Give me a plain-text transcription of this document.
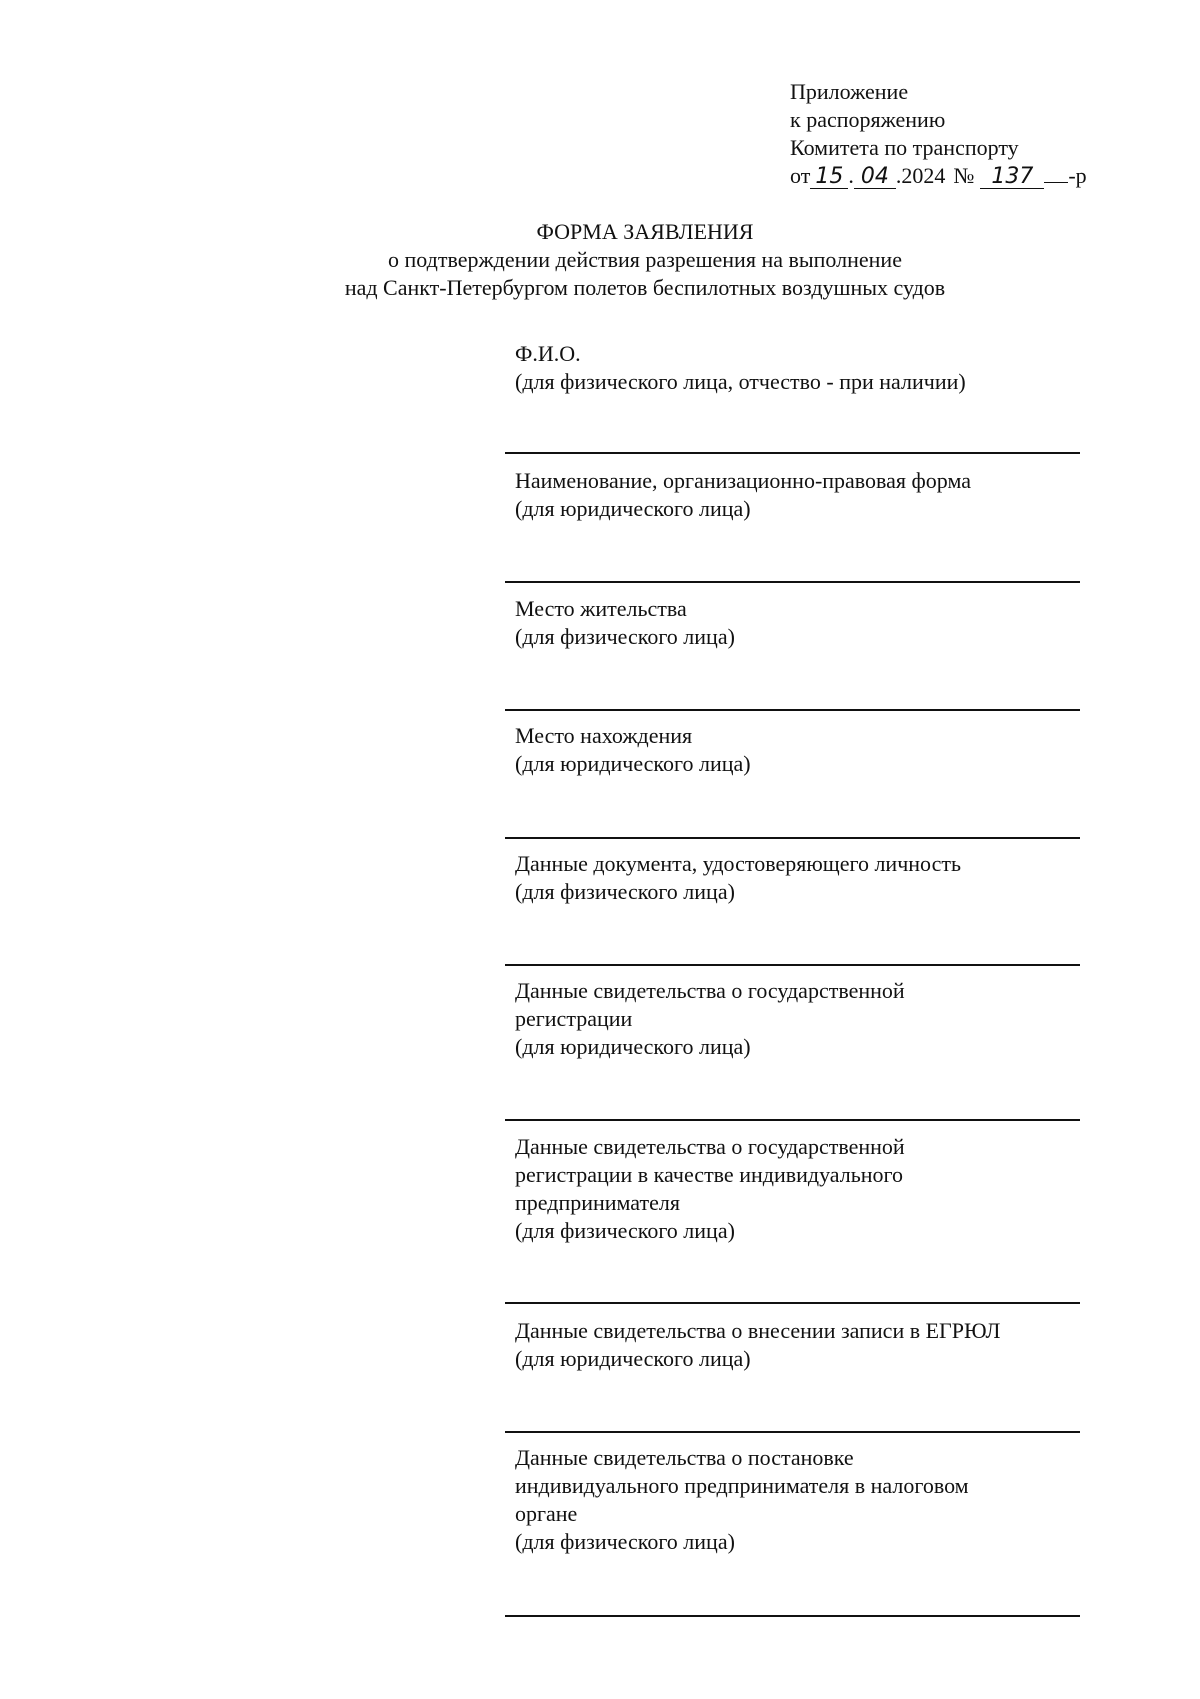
Приложение
к распоряжению
Комитета по транспорту
от 15 . 04 .2024 № 137	-р
ФОРМА ЗАЯВЛЕНИЯ
о подтверждении действия разрешения на выполнение
над Санкт-Петербургом полетов беспилотных воздушных судов
Ф.И.О.
(для физического лица, отчество - при наличии)
Наименование, организационно-правовая форма
(для юридического лица)
Место жительства
(для физического лица)
Место нахождения
(для юридического лица)
Данные документа, удостоверяющего личность
(для физического лица)
Данные свидетельства о государственной
регистрации
(для юридического лица)
Данные свидетельства о государственной
регистрации в качестве индивидуального
предпринимателя
(для физического лица)
Данные свидетельства о внесении записи в ЕГРЮЛ
(для юридического лица)
Данные свидетельства о постановке
индивидуального предпринимателя в налоговом
органе
(для физического лица)
